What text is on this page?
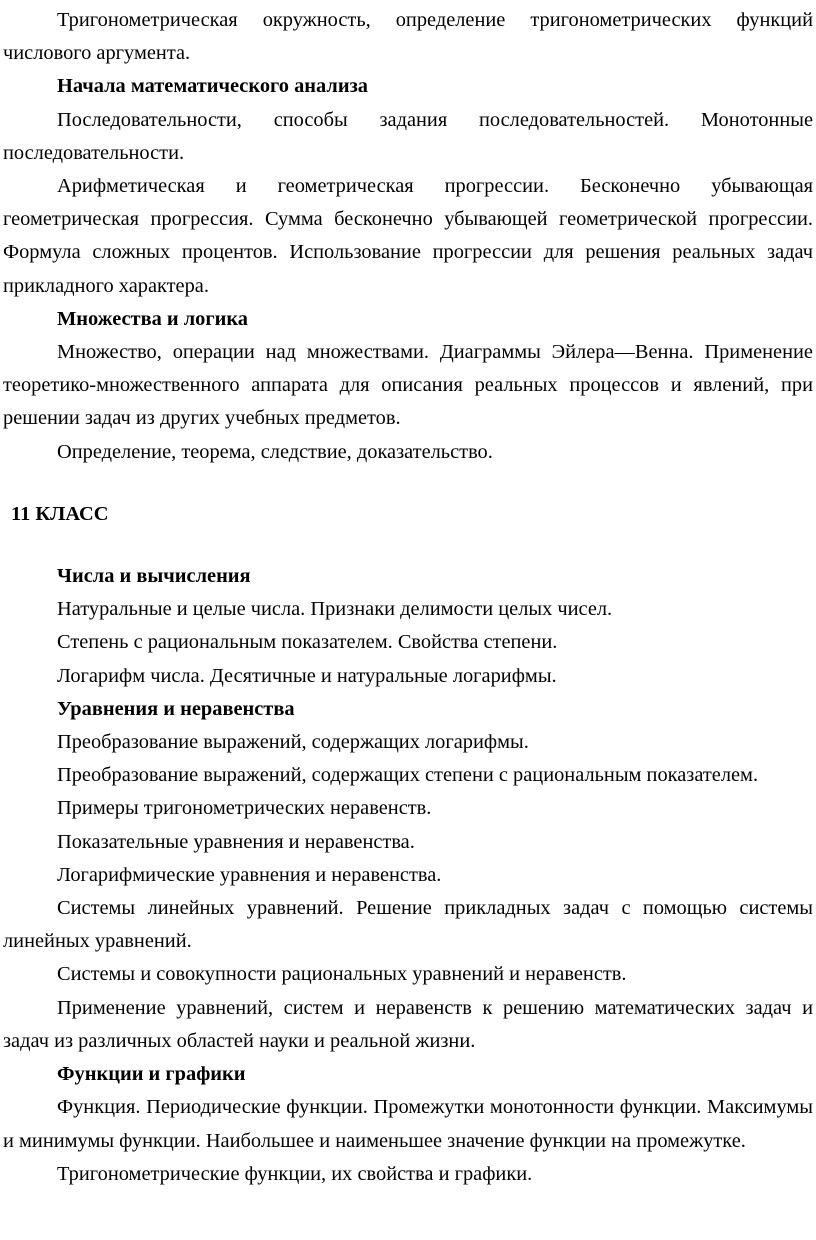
Тригонометрическая окружность, определение тригонометрических функций числового аргумента.
Начала математического анализа
Последовательности, способы задания последовательностей. Монотонные последовательности.
Арифметическая и геометрическая прогрессии. Бесконечно убывающая геометрическая прогрессия. Сумма бесконечно убывающей геометрической прогрессии. Формула сложных процентов. Использование прогрессии для решения реальных задач прикладного характера.
Множества и логика
Множество, операции над множествами. Диаграммы Эйлера―Венна. Применение теоретико-множественного аппарата для описания реальных процессов и явлений, при решении задач из других учебных предметов.
Определение, теорема, следствие, доказательство.
11 КЛАСС
Числа и вычисления
Натуральные и целые числа. Признаки делимости целых чисел.
Степень с рациональным показателем. Свойства степени.
Логарифм числа. Десятичные и натуральные логарифмы.
Уравнения и неравенства
Преобразование выражений, содержащих логарифмы.
Преобразование выражений, содержащих степени с рациональным показателем.
Примеры тригонометрических неравенств.
Показательные уравнения и неравенства.
Логарифмические уравнения и неравенства.
Системы линейных уравнений. Решение прикладных задач с помощью системы линейных уравнений.
Системы и совокупности рациональных уравнений и неравенств.
Применение уравнений, систем и неравенств к решению математических задач и задач из различных областей науки и реальной жизни.
Функции и графики
Функция. Периодические функции. Промежутки монотонности функции. Максимумы и минимумы функции. Наибольшее и наименьшее значение функции на промежутке.
Тригонометрические функции, их свойства и графики.
